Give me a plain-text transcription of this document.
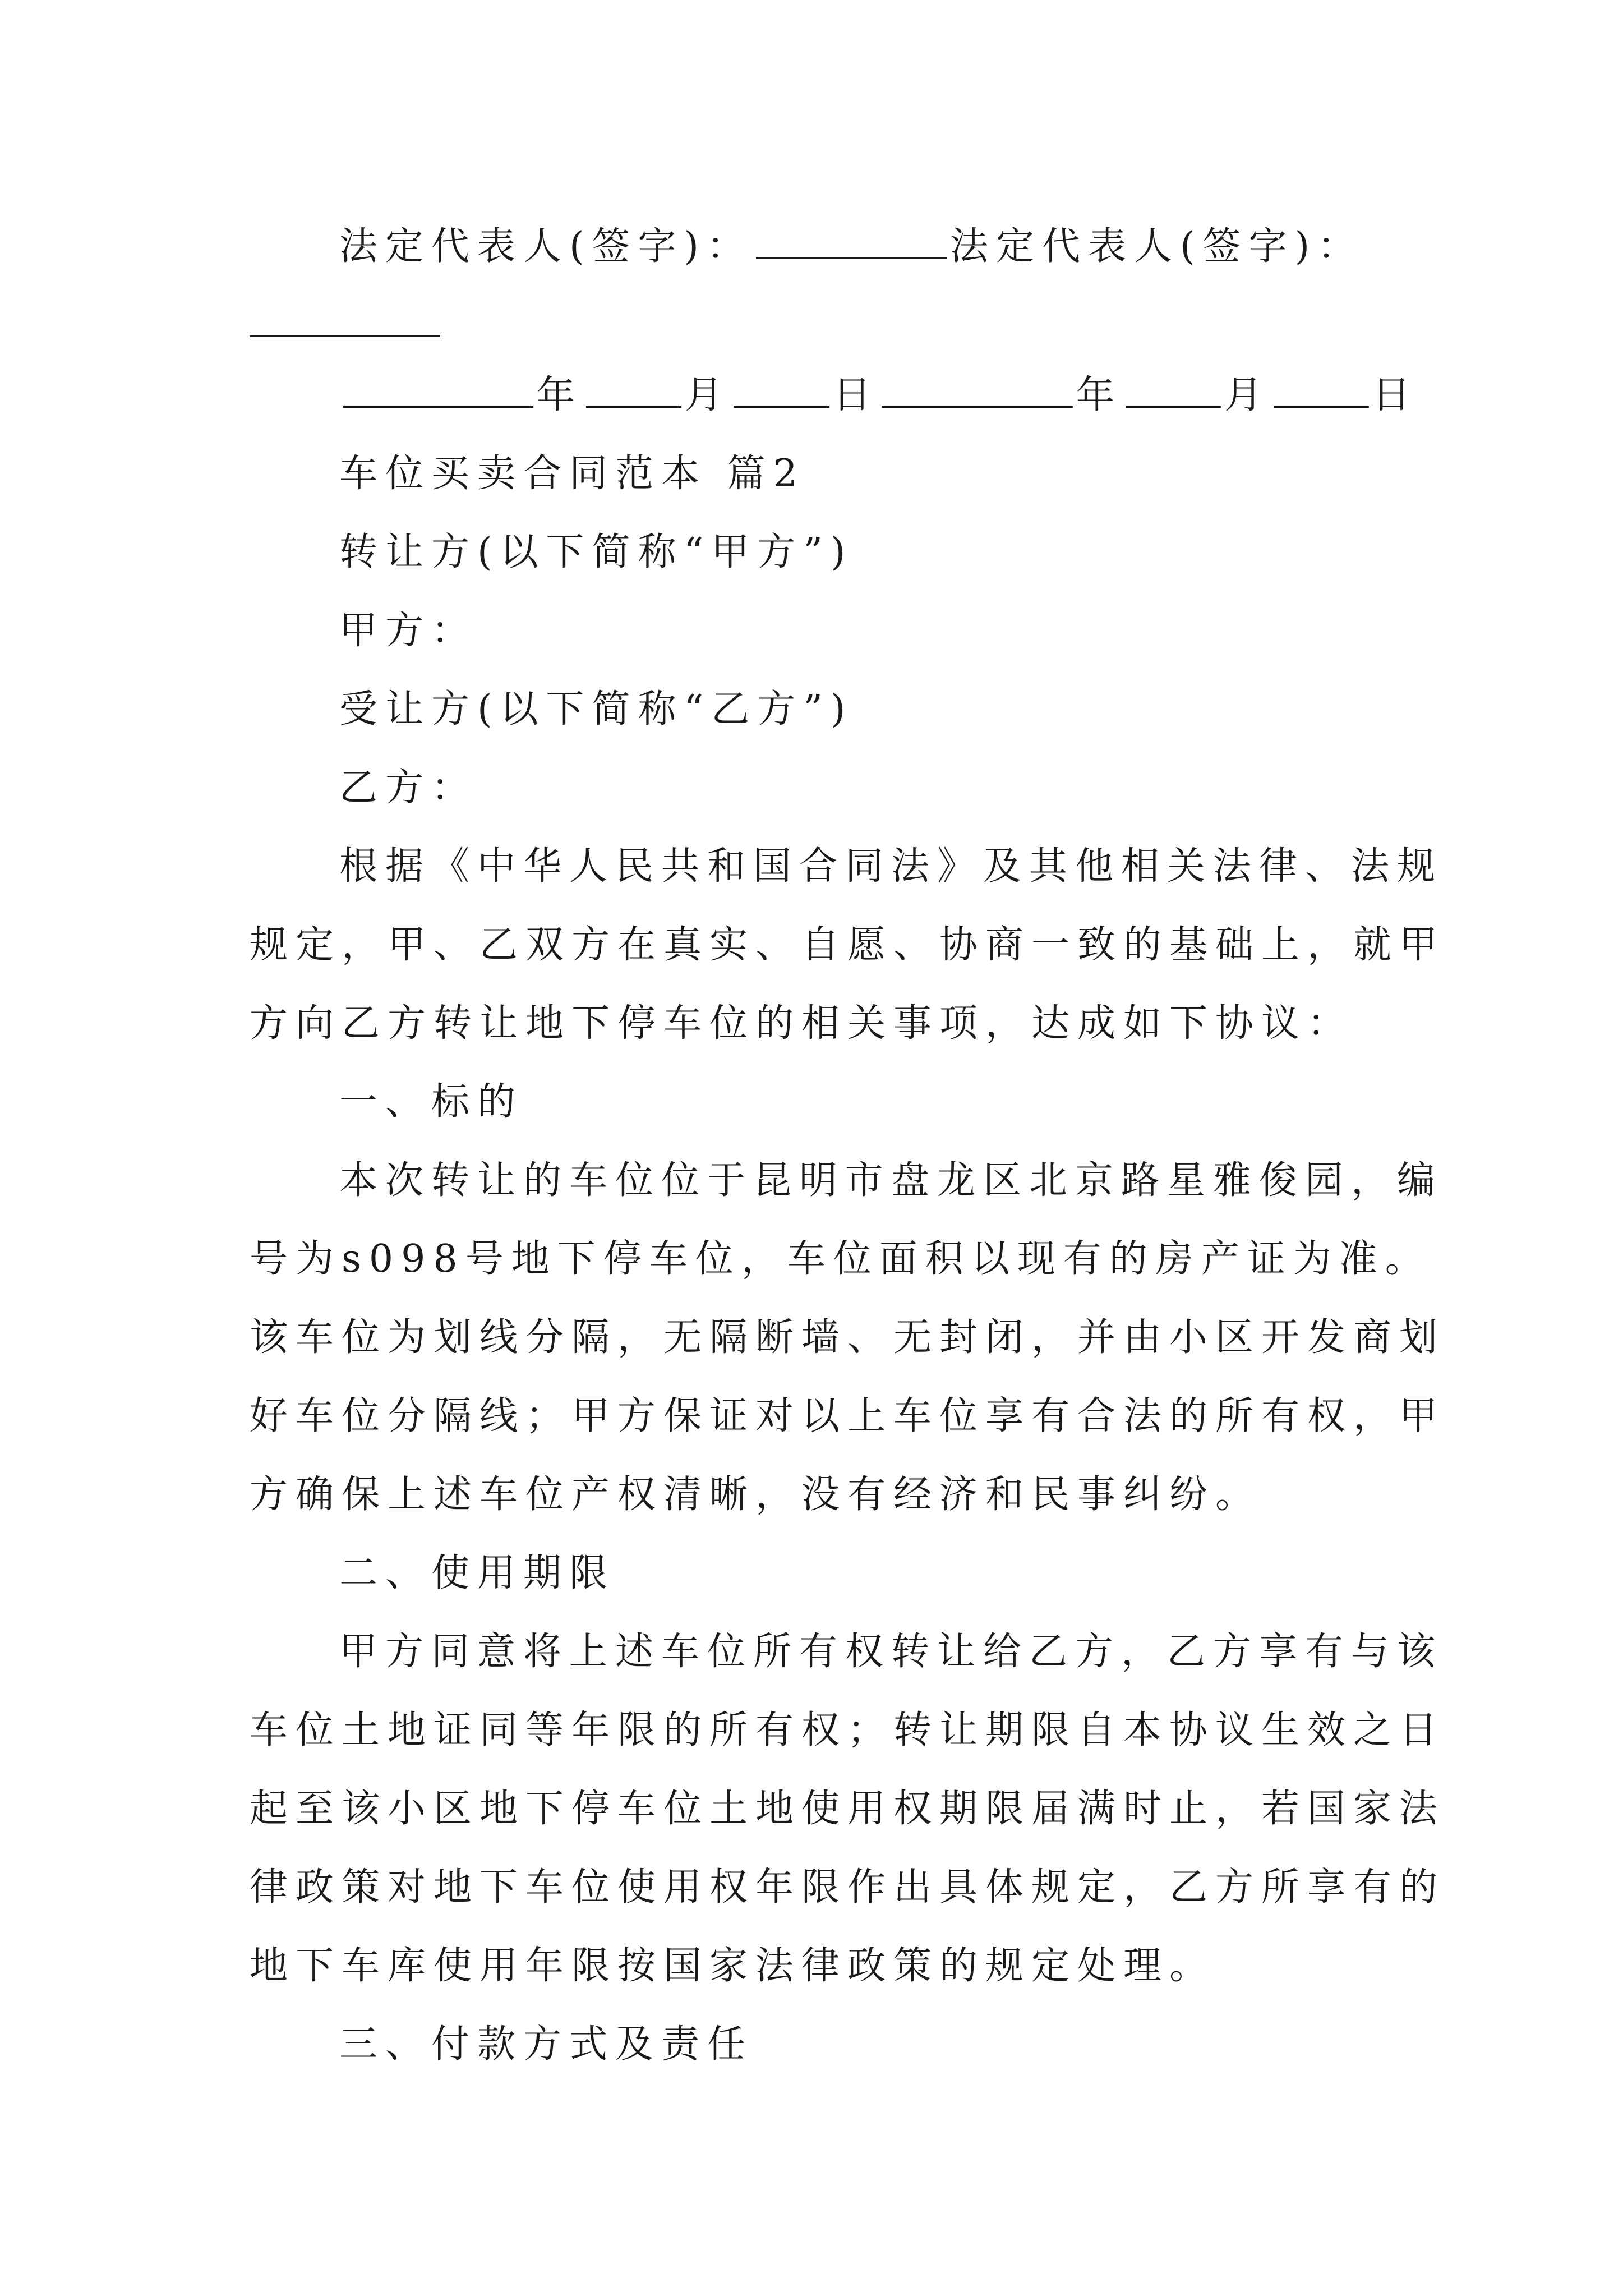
法定代表人(签字)：	法定代表人(签字)：
年	月	日	年	月	日
车位买卖合同范本 篇2
转让方(以下简称“甲方”)
甲方：
受让方(以下简称“乙方”)
乙方：
根据《中华人民共和国合同法》及其他相关法律、法规
规定，甲、乙双方在真实、自愿、协商一致的基础上，就甲
方向乙方转让地下停车位的相关事项，达成如下协议：
一、标的
本次转让的车位位于昆明市盘龙区北京路星雅俊园，编
号为s098号地下停车位，车位面积以现有的房产证为准。
该车位为划线分隔，无隔断墙、无封闭，并由小区开发商划
好车位分隔线；甲方保证对以上车位享有合法的所有权，甲
方确保上述车位产权清晰，没有经济和民事纠纷。
二、使用期限
甲方同意将上述车位所有权转让给乙方，乙方享有与该
车位土地证同等年限的所有权；转让期限自本协议生效之日
起至该小区地下停车位土地使用权期限届满时止，若国家法
律政策对地下车位使用权年限作出具体规定，乙方所享有的
地下车库使用年限按国家法律政策的规定处理。
三、付款方式及责任
